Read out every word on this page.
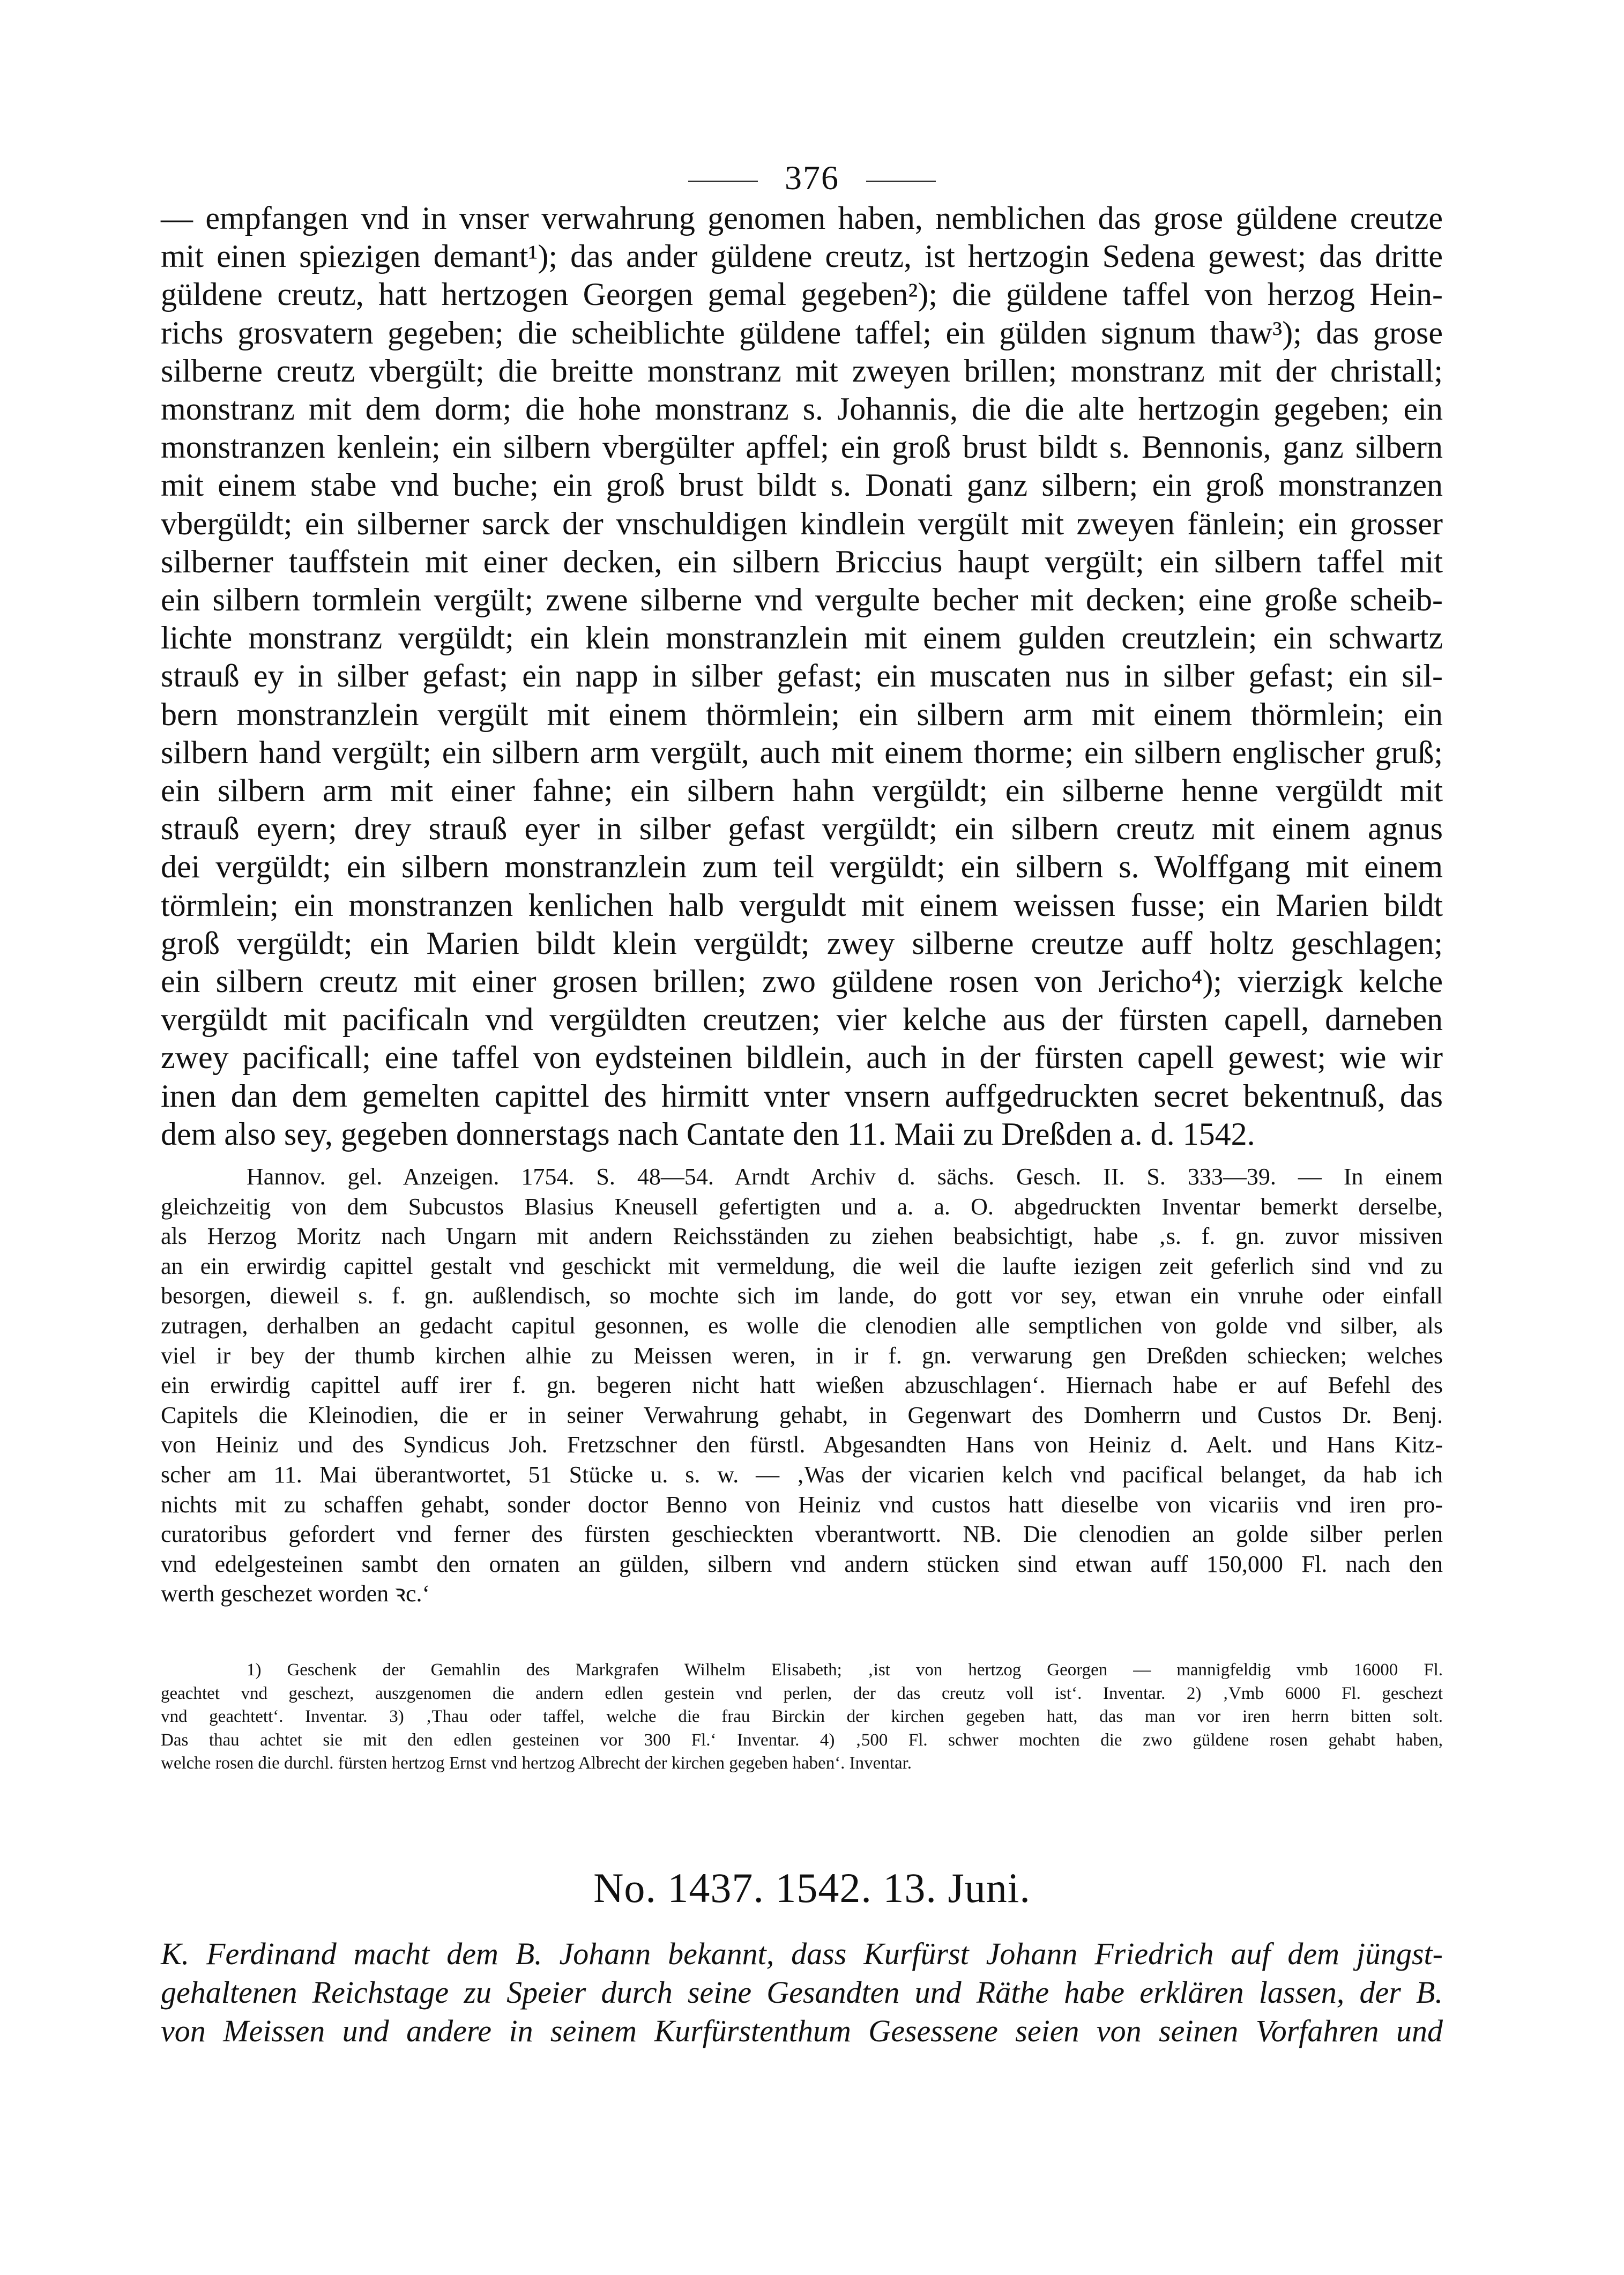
376
— empfangen vnd in vnser verwahrung genomen haben, nemblichen das grose güldene creutze
mit einen spiezigen demant¹); das ander güldene creutz, ist hertzogin Sedena gewest; das dritte
güldene creutz, hatt hertzogen Georgen gemal gegeben²); die güldene taffel von herzog Hein-
richs grosvatern gegeben; die scheiblichte güldene taffel; ein gülden signum thaw³); das grose
silberne creutz vbergült; die breitte monstranz mit zweyen brillen; monstranz mit der christall;
monstranz mit dem dorm; die hohe monstranz s. Johannis, die die alte hertzogin gegeben; ein
monstranzen kenlein; ein silbern vbergülter apffel; ein groß brust bildt s. Bennonis, ganz silbern
mit einem stabe vnd buche; ein groß brust bildt s. Donati ganz silbern; ein groß monstranzen
vbergüldt; ein silberner sarck der vnschuldigen kindlein vergült mit zweyen fänlein; ein grosser
silberner tauffstein mit einer decken, ein silbern Briccius haupt vergült; ein silbern taffel mit
ein silbern tormlein vergült; zwene silberne vnd vergulte becher mit decken; eine große scheib-
lichte monstranz vergüldt; ein klein monstranzlein mit einem gulden creutzlein; ein schwartz
strauß ey in silber gefast; ein napp in silber gefast; ein muscaten nus in silber gefast; ein sil-
bern monstranzlein vergült mit einem thörmlein; ein silbern arm mit einem thörmlein; ein
silbern hand vergült; ein silbern arm vergült, auch mit einem thorme; ein silbern englischer gruß;
ein silbern arm mit einer fahne; ein silbern hahn vergüldt; ein silberne henne vergüldt mit
strauß eyern; drey strauß eyer in silber gefast vergüldt; ein silbern creutz mit einem agnus
dei vergüldt; ein silbern monstranzlein zum teil vergüldt; ein silbern s. Wolffgang mit einem
törmlein; ein monstranzen kenlichen halb verguldt mit einem weissen fusse; ein Marien bildt
groß vergüldt; ein Marien bildt klein vergüldt; zwey silberne creutze auff holtz geschlagen;
ein silbern creutz mit einer grosen brillen; zwo güldene rosen von Jericho⁴); vierzigk kelche
vergüldt mit pacificaln vnd vergüldten creutzen; vier kelche aus der fürsten capell, darneben
zwey pacificall; eine taffel von eydsteinen bildlein, auch in der fürsten capell gewest; wie wir
inen dan dem gemelten capittel des hirmitt vnter vnsern auffgedruckten secret bekentnuß, das
dem also sey, gegeben donnerstags nach Cantate den 11. Maii zu Dreßden a. d. 1542.
Hannov. gel. Anzeigen. 1754. S. 48—54. Arndt Archiv d. sächs. Gesch. II. S. 333—39. — In einem
gleichzeitig von dem Subcustos Blasius Kneusell gefertigten und a. a. O. abgedruckten Inventar bemerkt derselbe,
als Herzog Moritz nach Ungarn mit andern Reichsständen zu ziehen beabsichtigt, habe ‚s. f. gn. zuvor missiven
an ein erwirdig capittel gestalt vnd geschickt mit vermeldung, die weil die laufte iezigen zeit geferlich sind vnd zu
besorgen, dieweil s. f. gn. außlendisch, so mochte sich im lande, do gott vor sey, etwan ein vnruhe oder einfall
zutragen, derhalben an gedacht capitul gesonnen, es wolle die clenodien alle semptlichen von golde vnd silber, als
viel ir bey der thumb kirchen alhie zu Meissen weren, in ir f. gn. verwarung gen Dreßden schiecken; welches
ein erwirdig capittel auff irer f. gn. begeren nicht hatt wießen abzuschlagen‘. Hiernach habe er auf Befehl des
Capitels die Kleinodien, die er in seiner Verwahrung gehabt, in Gegenwart des Domherrn und Custos Dr. Benj.
von Heiniz und des Syndicus Joh. Fretzschner den fürstl. Abgesandten Hans von Heiniz d. Aelt. und Hans Kitz-
scher am 11. Mai überantwortet, 51 Stücke u. s. w. — ‚Was der vicarien kelch vnd pacifical belanget, da hab ich
nichts mit zu schaffen gehabt, sonder doctor Benno von Heiniz vnd custos hatt dieselbe von vicariis vnd iren pro-
curatoribus gefordert vnd ferner des fürsten geschieckten vberantwortt. NB. Die clenodien an golde silber perlen
vnd edelgesteinen sambt den ornaten an gülden, silbern vnd andern stücken sind etwan auff 150,000 Fl. nach den
werth geschezet worden ꝛc.‘
1) Geschenk der Gemahlin des Markgrafen Wilhelm Elisabeth; ‚ist von hertzog Georgen — mannigfeldig vmb 16000 Fl.
geachtet vnd geschezt, auszgenomen die andern edlen gestein vnd perlen, der das creutz voll ist‘. Inventar. 2) ‚Vmb 6000 Fl. geschezt
vnd geachtett‘. Inventar. 3) ‚Thau oder taffel, welche die frau Birckin der kirchen gegeben hatt, das man vor iren herrn bitten solt.
Das thau achtet sie mit den edlen gesteinen vor 300 Fl.‘ Inventar. 4) ‚500 Fl. schwer mochten die zwo güldene rosen gehabt haben,
welche rosen die durchl. fürsten hertzog Ernst vnd hertzog Albrecht der kirchen gegeben haben‘. Inventar.
No. 1437. 1542. 13. Juni.
K. Ferdinand macht dem B. Johann bekannt, dass Kurfürst Johann Friedrich auf dem jüngst-
gehaltenen Reichstage zu Speier durch seine Gesandten und Räthe habe erklären lassen, der B.
von Meissen und andere in seinem Kurfürstenthum Gesessene seien von seinen Vorfahren und
